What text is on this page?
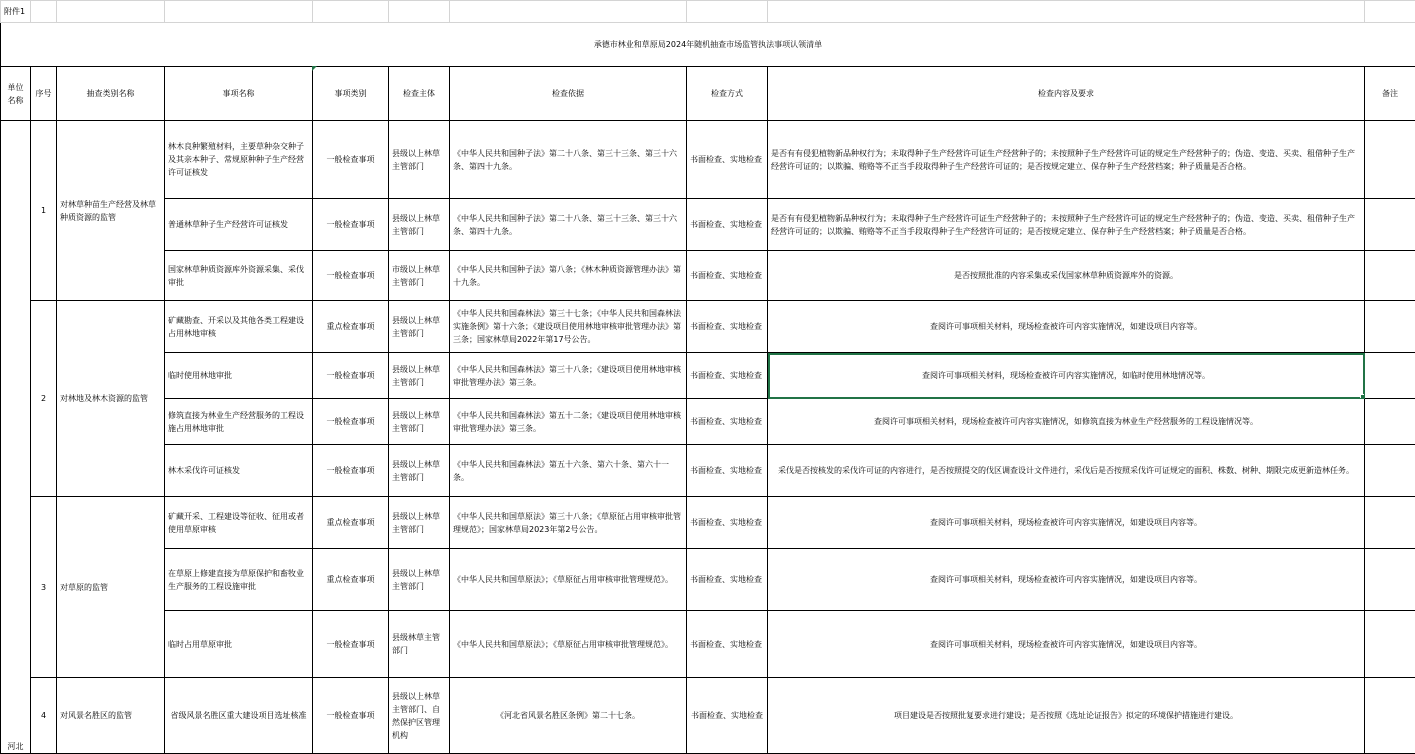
附件1									
承德市林业和草原局2024年随机抽查市场监管执法事项认领清单									
单位名称	序号	抽查类别名称	事项名称	事项类别	检查主体	检查依据	检查方式	检查内容及要求	备注
河北	1	对林草种苗生产经营及林草种质资源的监管	林木良种繁殖材料，主要草种杂交种子及其亲本种子、常规原种种子生产经营许可证核发	一般检查事项	县级以上林草主管部门	《中华人民共和国种子法》第二十八条、第三十三条、第三十六条、第四十九条。	书面检查、实地检查	是否有有侵犯植物新品种权行为；未取得种子生产经营许可证生产经营种子的；未按照种子生产经营许可证的规定生产经营种子的；伪造、变造、买卖、租借种子生产经营许可证的；以欺骗、贿赂等不正当手段取得种子生产经营许可证的；是否按规定建立、保存种子生产经营档案；种子质量是否合格。	
			普通林草种子生产经营许可证核发	一般检查事项	县级以上林草主管部门	《中华人民共和国种子法》第二十八条、第三十三条、第三十六条、第四十九条。	书面检查、实地检查	是否有有侵犯植物新品种权行为；未取得种子生产经营许可证生产经营种子的；未按照种子生产经营许可证的规定生产经营种子的；伪造、变造、买卖、租借种子生产经营许可证的；以欺骗、贿赂等不正当手段取得种子生产经营许可证的；是否按规定建立、保存种子生产经营档案；种子质量是否合格。	
			国家林草种质资源库外资源采集、采伐审批	一般检查事项	市级以上林草主管部门	《中华人民共和国种子法》第八条；《林木种质资源管理办法》第十九条。	书面检查、实地检查	是否按照批准的内容采集或采伐国家林草种质资源库外的资源。	
	2	对林地及林木资源的监管	矿藏勘查、开采以及其他各类工程建设占用林地审核	重点检查事项	县级以上林草主管部门	《中华人民共和国森林法》第三十七条；《中华人民共和国森林法实施条例》第十六条；《建设项目使用林地审核审批管理办法》第三条；国家林草局2022年第17号公告。	书面检查、实地检查	查阅许可事项相关材料，现场检查被许可内容实施情况，如建设项目内容等。	
			临时使用林地审批	一般检查事项	县级以上林草主管部门	《中华人民共和国森林法》第三十八条；《建设项目使用林地审核审批管理办法》第三条。	书面检查、实地检查	查阅许可事项相关材料，现场检查被许可内容实施情况，如临时使用林地情况等。

			修筑直接为林业生产经营服务的工程设施占用林地审批	一般检查事项	县级以上林草主管部门	《中华人民共和国森林法》第五十二条；《建设项目使用林地审核审批管理办法》第三条。	书面检查、实地检查	查阅许可事项相关材料，现场检查被许可内容实施情况，如修筑直接为林业生产经营服务的工程设施情况等。	
			林木采伐许可证核发	一般检查事项	县级以上林草主管部门	《中华人民共和国森林法》第五十六条、第六十条、第六十一条。	书面检查、实地检查	采伐是否按核发的采伐许可证的内容进行，是否按照提交的伐区调查设计文件进行，采伐后是否按照采伐许可证规定的面积、株数、树种、期限完成更新造林任务。	
	3	对草原的监管	矿藏开采、工程建设等征收、征用或者使用草原审核	重点检查事项	县级以上林草主管部门	《中华人民共和国草原法》第三十八条；《草原征占用审核审批管理规范》；国家林草局2023年第2号公告。	书面检查、实地检查	查阅许可事项相关材料，现场检查被许可内容实施情况，如建设项目内容等。	
			在草原上修建直接为草原保护和畜牧业生产服务的工程设施审批	重点检查事项	县级以上林草主管部门	《中华人民共和国草原法》；《草原征占用审核审批管理规范》。	书面检查、实地检查	查阅许可事项相关材料，现场检查被许可内容实施情况，如建设项目内容等。	
			临时占用草原审批	一般检查事项	县级林草主管部门	《中华人民共和国草原法》；《草原征占用审核审批管理规范》。	书面检查、实地检查	查阅许可事项相关材料，现场检查被许可内容实施情况，如建设项目内容等。	
	4	对风景名胜区的监管	省级风景名胜区重大建设项目选址核准	一般检查事项	县级以上林草主管部门、自然保护区管理机构	《河北省风景名胜区条例》第二十七条。	书面检查、实地检查	项目建设是否按照批复要求进行建设；是否按照《选址论证报告》拟定的环境保护措施进行建设。	
